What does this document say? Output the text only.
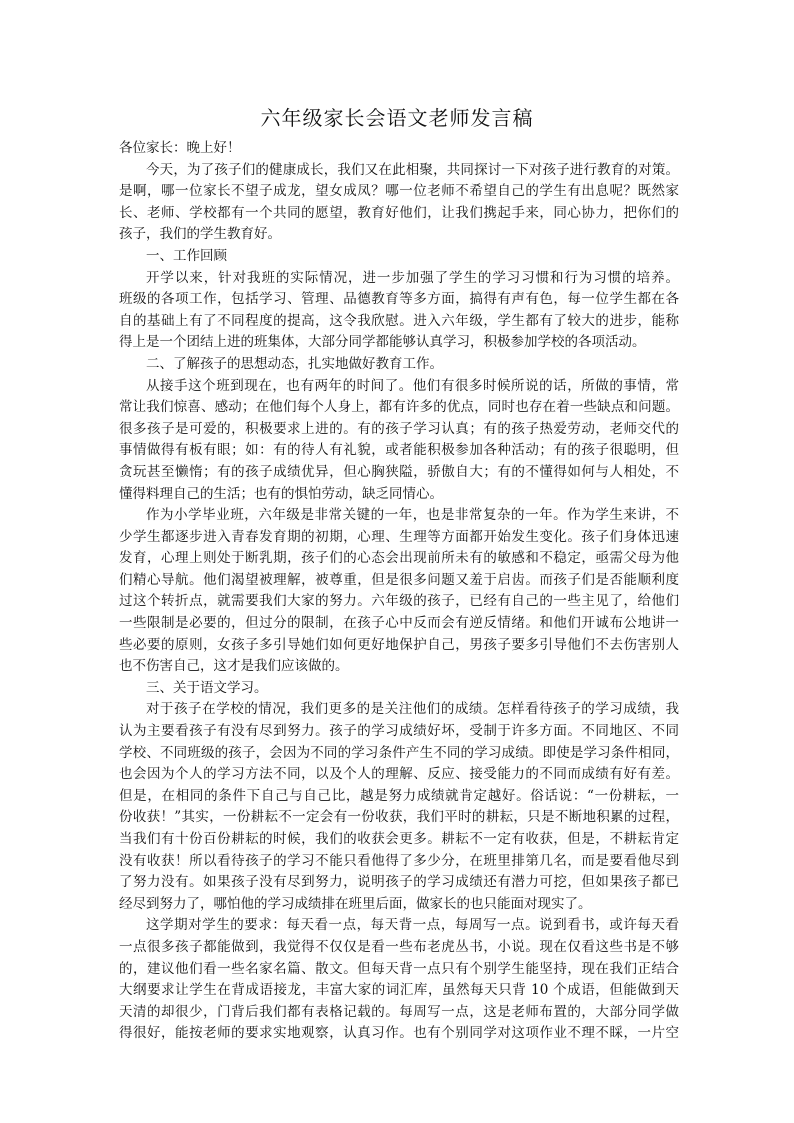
六年级家长会语文老师发言稿
各位家长：晚上好！
今天，为了孩子们的健康成长，我们又在此相聚，共同探讨一下对孩子进行教育的对策。
是啊，哪一位家长不望子成龙，望女成凤？哪一位老师不希望自己的学生有出息呢？既然家
长、老师、学校都有一个共同的愿望，教育好他们，让我们携起手来，同心协力，把你们的
孩子，我们的学生教育好。
一、工作回顾
开学以来，针对我班的实际情况，进一步加强了学生的学习习惯和行为习惯的培养。
班级的各项工作，包括学习、管理、品德教育等多方面，搞得有声有色，每一位学生都在各
自的基础上有了不同程度的提高，这令我欣慰。进入六年级，学生都有了较大的进步，能称
得上是一个团结上进的班集体，大部分同学都能够认真学习，积极参加学校的各项活动。
二、了解孩子的思想动态，扎实地做好教育工作。
从接手这个班到现在，也有两年的时间了。他们有很多时候所说的话，所做的事情，常
常让我们惊喜、感动；在他们每个人身上，都有许多的优点，同时也存在着一些缺点和问题。
很多孩子是可爱的，积极要求上进的。有的孩子学习认真；有的孩子热爱劳动，老师交代的
事情做得有板有眼；如：有的待人有礼貌，或者能积极参加各种活动；有的孩子很聪明，但
贪玩甚至懒惰；有的孩子成绩优异，但心胸狭隘，骄傲自大；有的不懂得如何与人相处，不
懂得料理自己的生活；也有的惧怕劳动，缺乏同情心。
作为小学毕业班，六年级是非常关键的一年，也是非常复杂的一年。作为学生来讲，不
少学生都逐步进入青春发育期的初期，心理、生理等方面都开始发生变化。孩子们身体迅速
发育，心理上则处于断乳期，孩子们的心态会出现前所未有的敏感和不稳定，亟需父母为他
们精心导航。他们渴望被理解，被尊重，但是很多问题又羞于启齿。而孩子们是否能顺利度
过这个转折点，就需要我们大家的努力。六年级的孩子，已经有自己的一些主见了，给他们
一些限制是必要的，但过分的限制，在孩子心中反而会有逆反情绪。和他们开诚布公地讲一
些必要的原则，女孩子多引导她们如何更好地保护自己，男孩子要多引导他们不去伤害别人
也不伤害自己，这才是我们应该做的。
三、关于语文学习。
对于孩子在学校的情况，我们更多的是关注他们的成绩。怎样看待孩子的学习成绩，我
认为主要看孩子有没有尽到努力。孩子的学习成绩好坏，受制于许多方面。不同地区、不同
学校、不同班级的孩子，会因为不同的学习条件产生不同的学习成绩。即使是学习条件相同，
也会因为个人的学习方法不同，以及个人的理解、反应、接受能力的不同而成绩有好有差。
但是，在相同的条件下自己与自己比，越是努力成绩就肯定越好。俗话说：“一份耕耘，一
份收获！”其实，一份耕耘不一定会有一份收获，我们平时的耕耘，只是不断地积累的过程，
当我们有十份百份耕耘的时候，我们的收获会更多。耕耘不一定有收获，但是，不耕耘肯定
没有收获！所以看待孩子的学习不能只看他得了多少分，在班里排第几名，而是要看他尽到
了努力没有。如果孩子没有尽到努力，说明孩子的学习成绩还有潜力可挖，但如果孩子都已
经尽到努力了，哪怕他的学习成绩排在班里后面，做家长的也只能面对现实了。
这学期对学生的要求：每天看一点，每天背一点，每周写一点。说到看书，或许每天看
一点很多孩子都能做到，我觉得不仅仅是看一些布老虎丛书，小说。现在仅看这些书是不够
的，建议他们看一些名家名篇、散文。但每天背一点只有个别学生能坚持，现在我们正结合
大纲要求让学生在背成语接龙，丰富大家的词汇库，虽然每天只背 10 个成语，但能做到天
天清的却很少，门背后我们都有表格记载的。每周写一点，这是老师布置的，大部分同学做
得很好，能按老师的要求实地观察，认真习作。也有个别同学对这项作业不理不睬，一片空
